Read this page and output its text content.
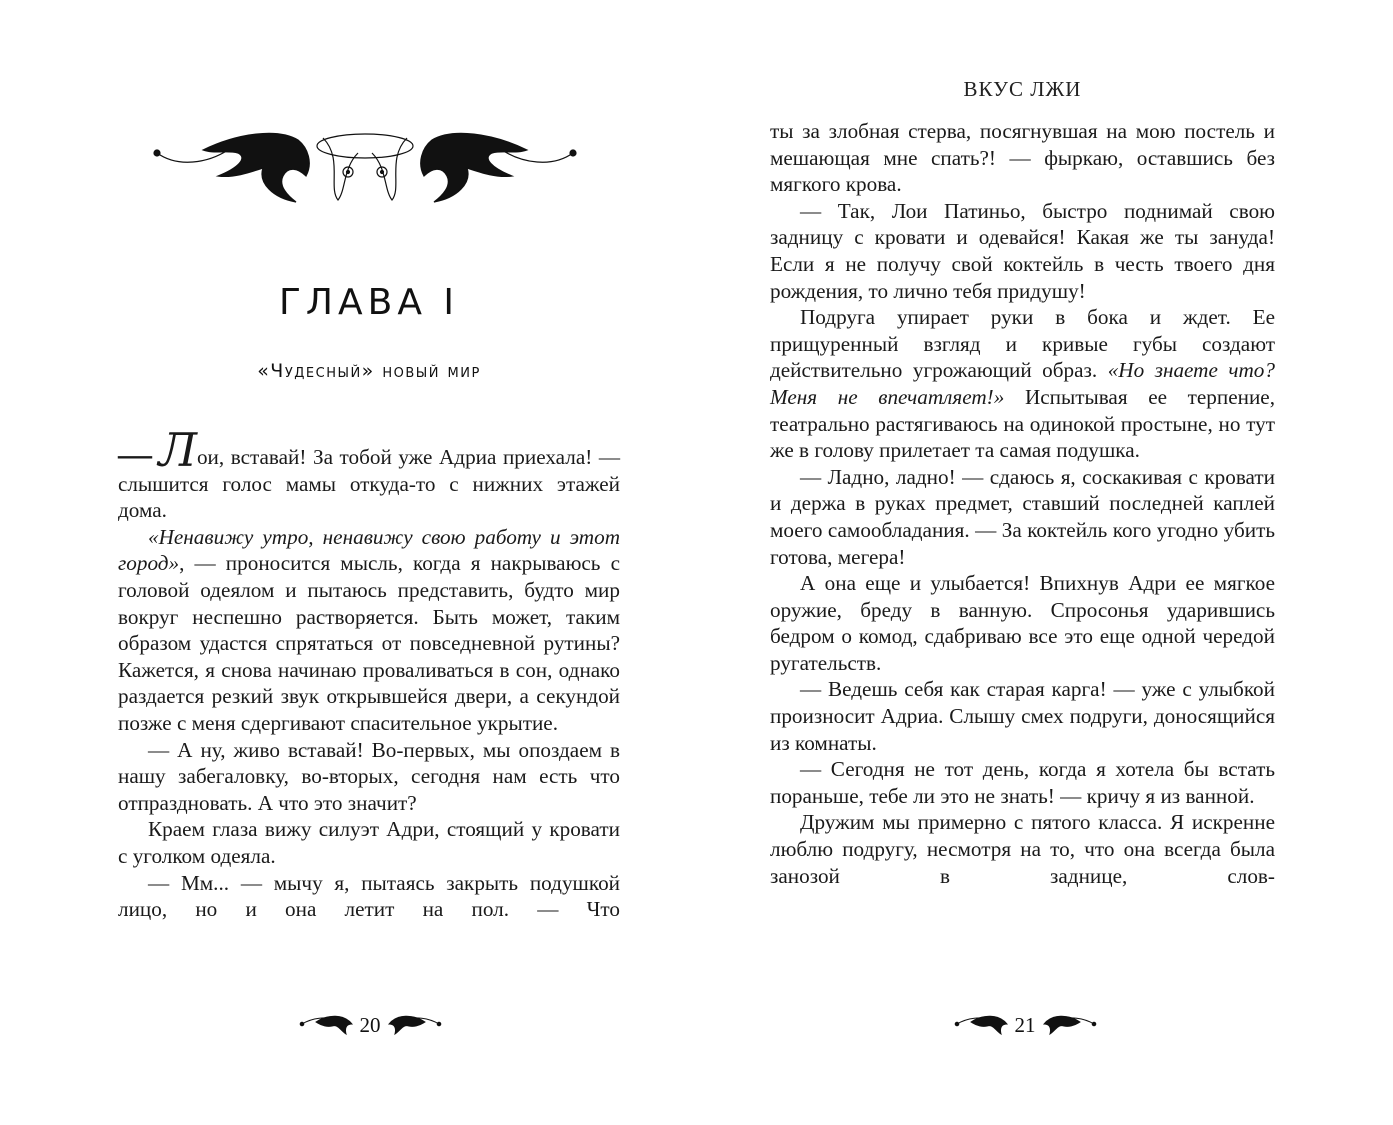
ГЛАВА I
«Чудесный» новый мир

— Лои, вставай! За тобой уже Адриа приехала! — слышится голос мамы откуда-то с нижних этажей дома.

«Ненавижу утро, ненавижу свою работу и этот город», — проносится мысль, когда я накрываюсь с головой одеялом и пытаюсь представить, будто мир вокруг неспешно растворяется. Быть может, таким образом удастся спрятаться от повседневной рутины? Кажется, я снова начинаю проваливаться в сон, однако раздается резкий звук открывшейся двери, а секундой позже с меня сдергивают спасительное укрытие.

— А ну, живо вставай! Во-первых, мы опоздаем в нашу забегаловку, во-вторых, сегодня нам есть что отпраздновать. А что это значит?

Краем глаза вижу силуэт Адри, стоящий у кровати с уголком одеяла.

— Мм... — мычу я, пытаясь закрыть подушкой лицо, но и она летит на пол. — Что

20
ВКУС ЛЖИ

ты за злобная стерва, посягнувшая на мою постель и мешающая мне спать?! — фыркаю, оставшись без мягкого крова.

— Так, Лои Патиньо, быстро поднимай свою задницу с кровати и одевайся! Какая же ты зануда! Если я не получу свой коктейль в честь твоего дня рождения, то лично тебя придушу!

Подруга упирает руки в бока и ждет. Ее прищуренный взгляд и кривые губы создают действительно угрожающий образ. «Но знаете что? Меня не впечатляет!» Испытывая ее терпение, театрально растягиваюсь на одинокой простыне, но тут же в голову прилетает та самая подушка.

— Ладно, ладно! — сдаюсь я, соскакивая с кровати и держа в руках предмет, ставший последней каплей моего самообладания. — За коктейль кого угодно убить готова, мегера!

А она еще и улыбается! Впихнув Адри ее мягкое оружие, бреду в ванную. Спросонья ударившись бедром о комод, сдабриваю все это еще одной чередой ругательств.

— Ведешь себя как старая карга! — уже с улыбкой произносит Адриа. Слышу смех подруги, доносящийся из комнаты.

— Сегодня не тот день, когда я хотела бы встать пораньше, тебе ли это не знать! — кричу я из ванной.

Дружим мы примерно с пятого класса. Я искренне люблю подругу, несмотря на то, что она всегда была занозой в заднице, слов-

21
